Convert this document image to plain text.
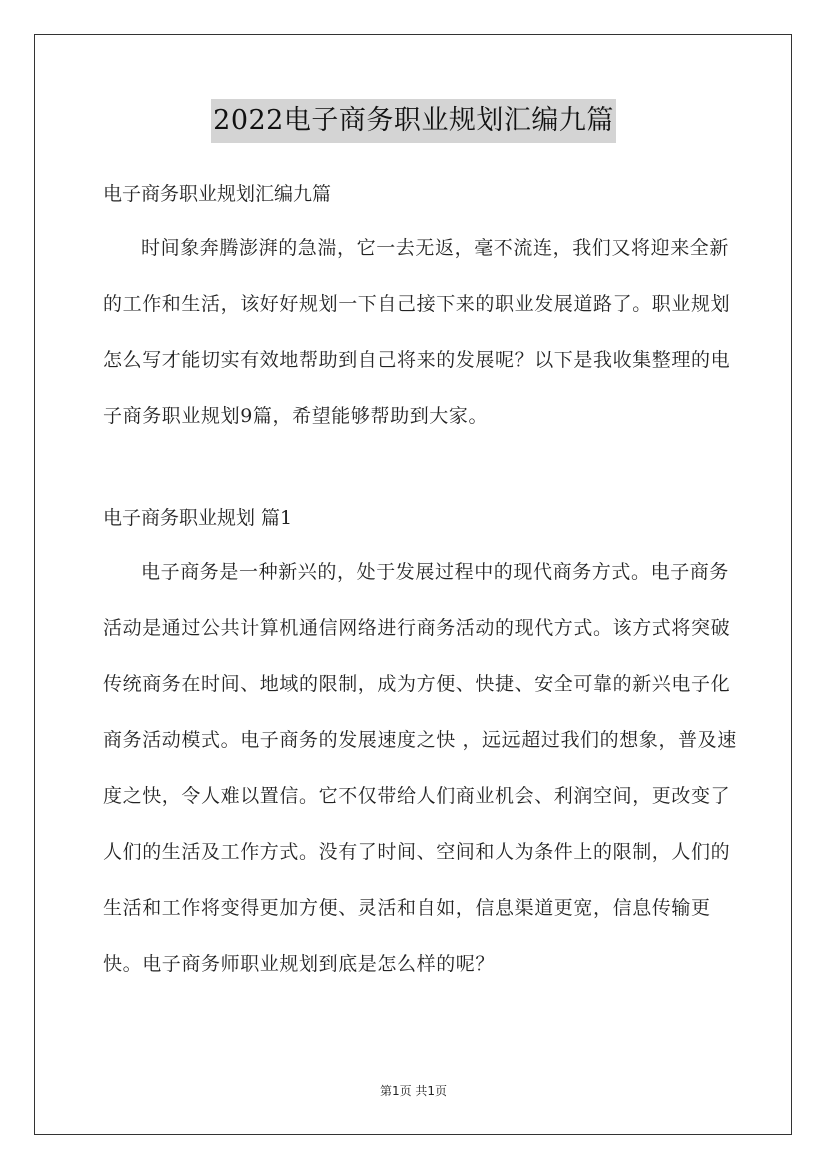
2022电子商务职业规划汇编九篇
电子商务职业规划汇编九篇
时间象奔腾澎湃的急湍，它一去无返，毫不流连，我们又将迎来全新的工作和生活，该好好规划一下自己接下来的职业发展道路了。职业规划怎么写才能切实有效地帮助到自己将来的发展呢？以下是我收集整理的电子商务职业规划9篇，希望能够帮助到大家。
电子商务职业规划 篇1
电子商务是一种新兴的，处于发展过程中的现代商务方式。电子商务活动是通过公共计算机通信网络进行商务活动的现代方式。该方式将突破传统商务在时间、地域的限制，成为方便、快捷、安全可靠的新兴电子化商务活动模式。电子商务的发展速度之快 ，远远超过我们的想象，普及速度之快，令人难以置信。它不仅带给人们商业机会、利润空间，更改变了人们的生活及工作方式。没有了时间、空间和人为条件上的限制，人们的生活和工作将变得更加方便、灵活和自如，信息渠道更宽，信息传输更快。电子商务师职业规划到底是怎么样的呢？
第1页 共1页
